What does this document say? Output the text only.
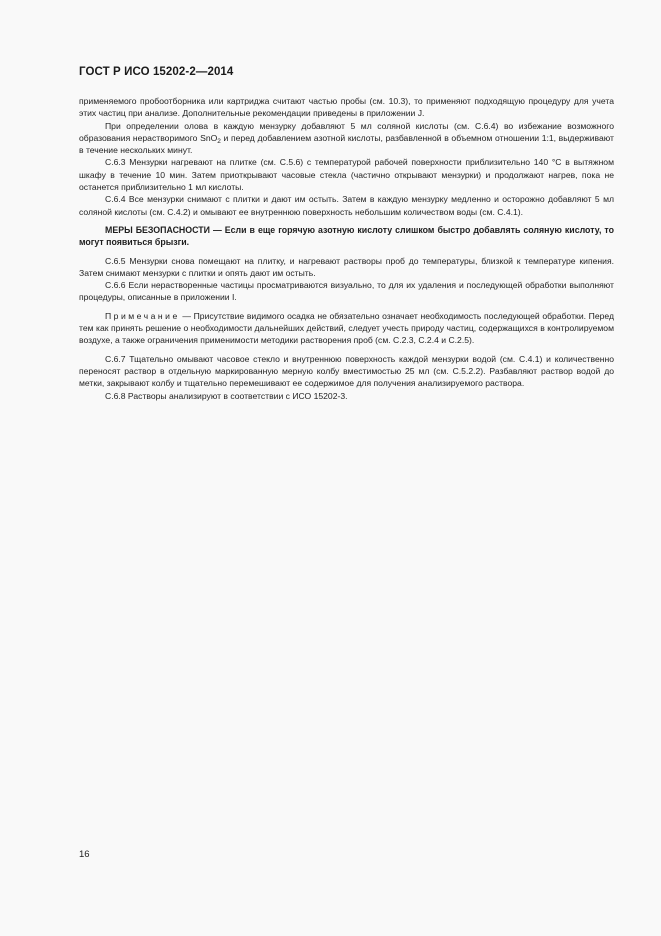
ГОСТ Р ИСО 15202-2—2014

применяемого пробоотборника или картриджа считают частью пробы (см. 10.3), то применяют подходящую процедуру для учета этих частиц при анализе. Дополнительные рекомендации приведены в приложении J.

При определении олова в каждую мензурку добавляют 5 мл соляной кислоты (см. С.6.4) во избежание возможного образования нерастворимого SnO$_2$ и перед добавлением азотной кислоты, разбавленной в объемном отношении 1:1, выдерживают в течение нескольких минут.

С.6.3 Мензурки нагревают на плитке (см. С.5.6) с температурой рабочей поверхности приблизительно 140 °С в вытяжном шкафу в течение 10 мин. Затем приоткрывают часовые стекла (частично открывают мензурки) и продолжают нагрев, пока не останется приблизительно 1 мл кислоты.

С.6.4 Все мензурки снимают с плитки и дают им остыть. Затем в каждую мензурку медленно и осторожно добавляют 5 мл соляной кислоты (см. С.4.2) и омывают ее внутреннюю поверхность небольшим количеством воды (см. С.4.1).

МЕРЫ БЕЗОПАСНОСТИ — Если в еще горячую азотную кислоту слишком быстро добавлять соляную кислоту, то могут появиться брызги.

С.6.5 Мензурки снова помещают на плитку, и нагревают растворы проб до температуры, близкой к температуре кипения. Затем снимают мензурки с плитки и опять дают им остыть.

С.6.6 Если нерастворенные частицы просматриваются визуально, то для их удаления и последующей обработки выполняют процедуры, описанные в приложении I.

Примечание — Присутствие видимого осадка не обязательно означает необходимость последующей обработки. Перед тем как принять решение о необходимости дальнейших действий, следует учесть природу частиц, содержащихся в контролируемом воздухе, а также ограничения применимости методики растворения проб (см. С.2.3, С.2.4 и С.2.5).

С.6.7 Тщательно омывают часовое стекло и внутреннюю поверхность каждой мензурки водой (см. С.4.1) и количественно переносят раствор в отдельную маркированную мерную колбу вместимостью 25 мл (см. С.5.2.2). Разбавляют раствор водой до метки, закрывают колбу и тщательно перемешивают ее содержимое для получения анализируемого раствора.

С.6.8 Растворы анализируют в соответствии с ИСО 15202-3.

16
